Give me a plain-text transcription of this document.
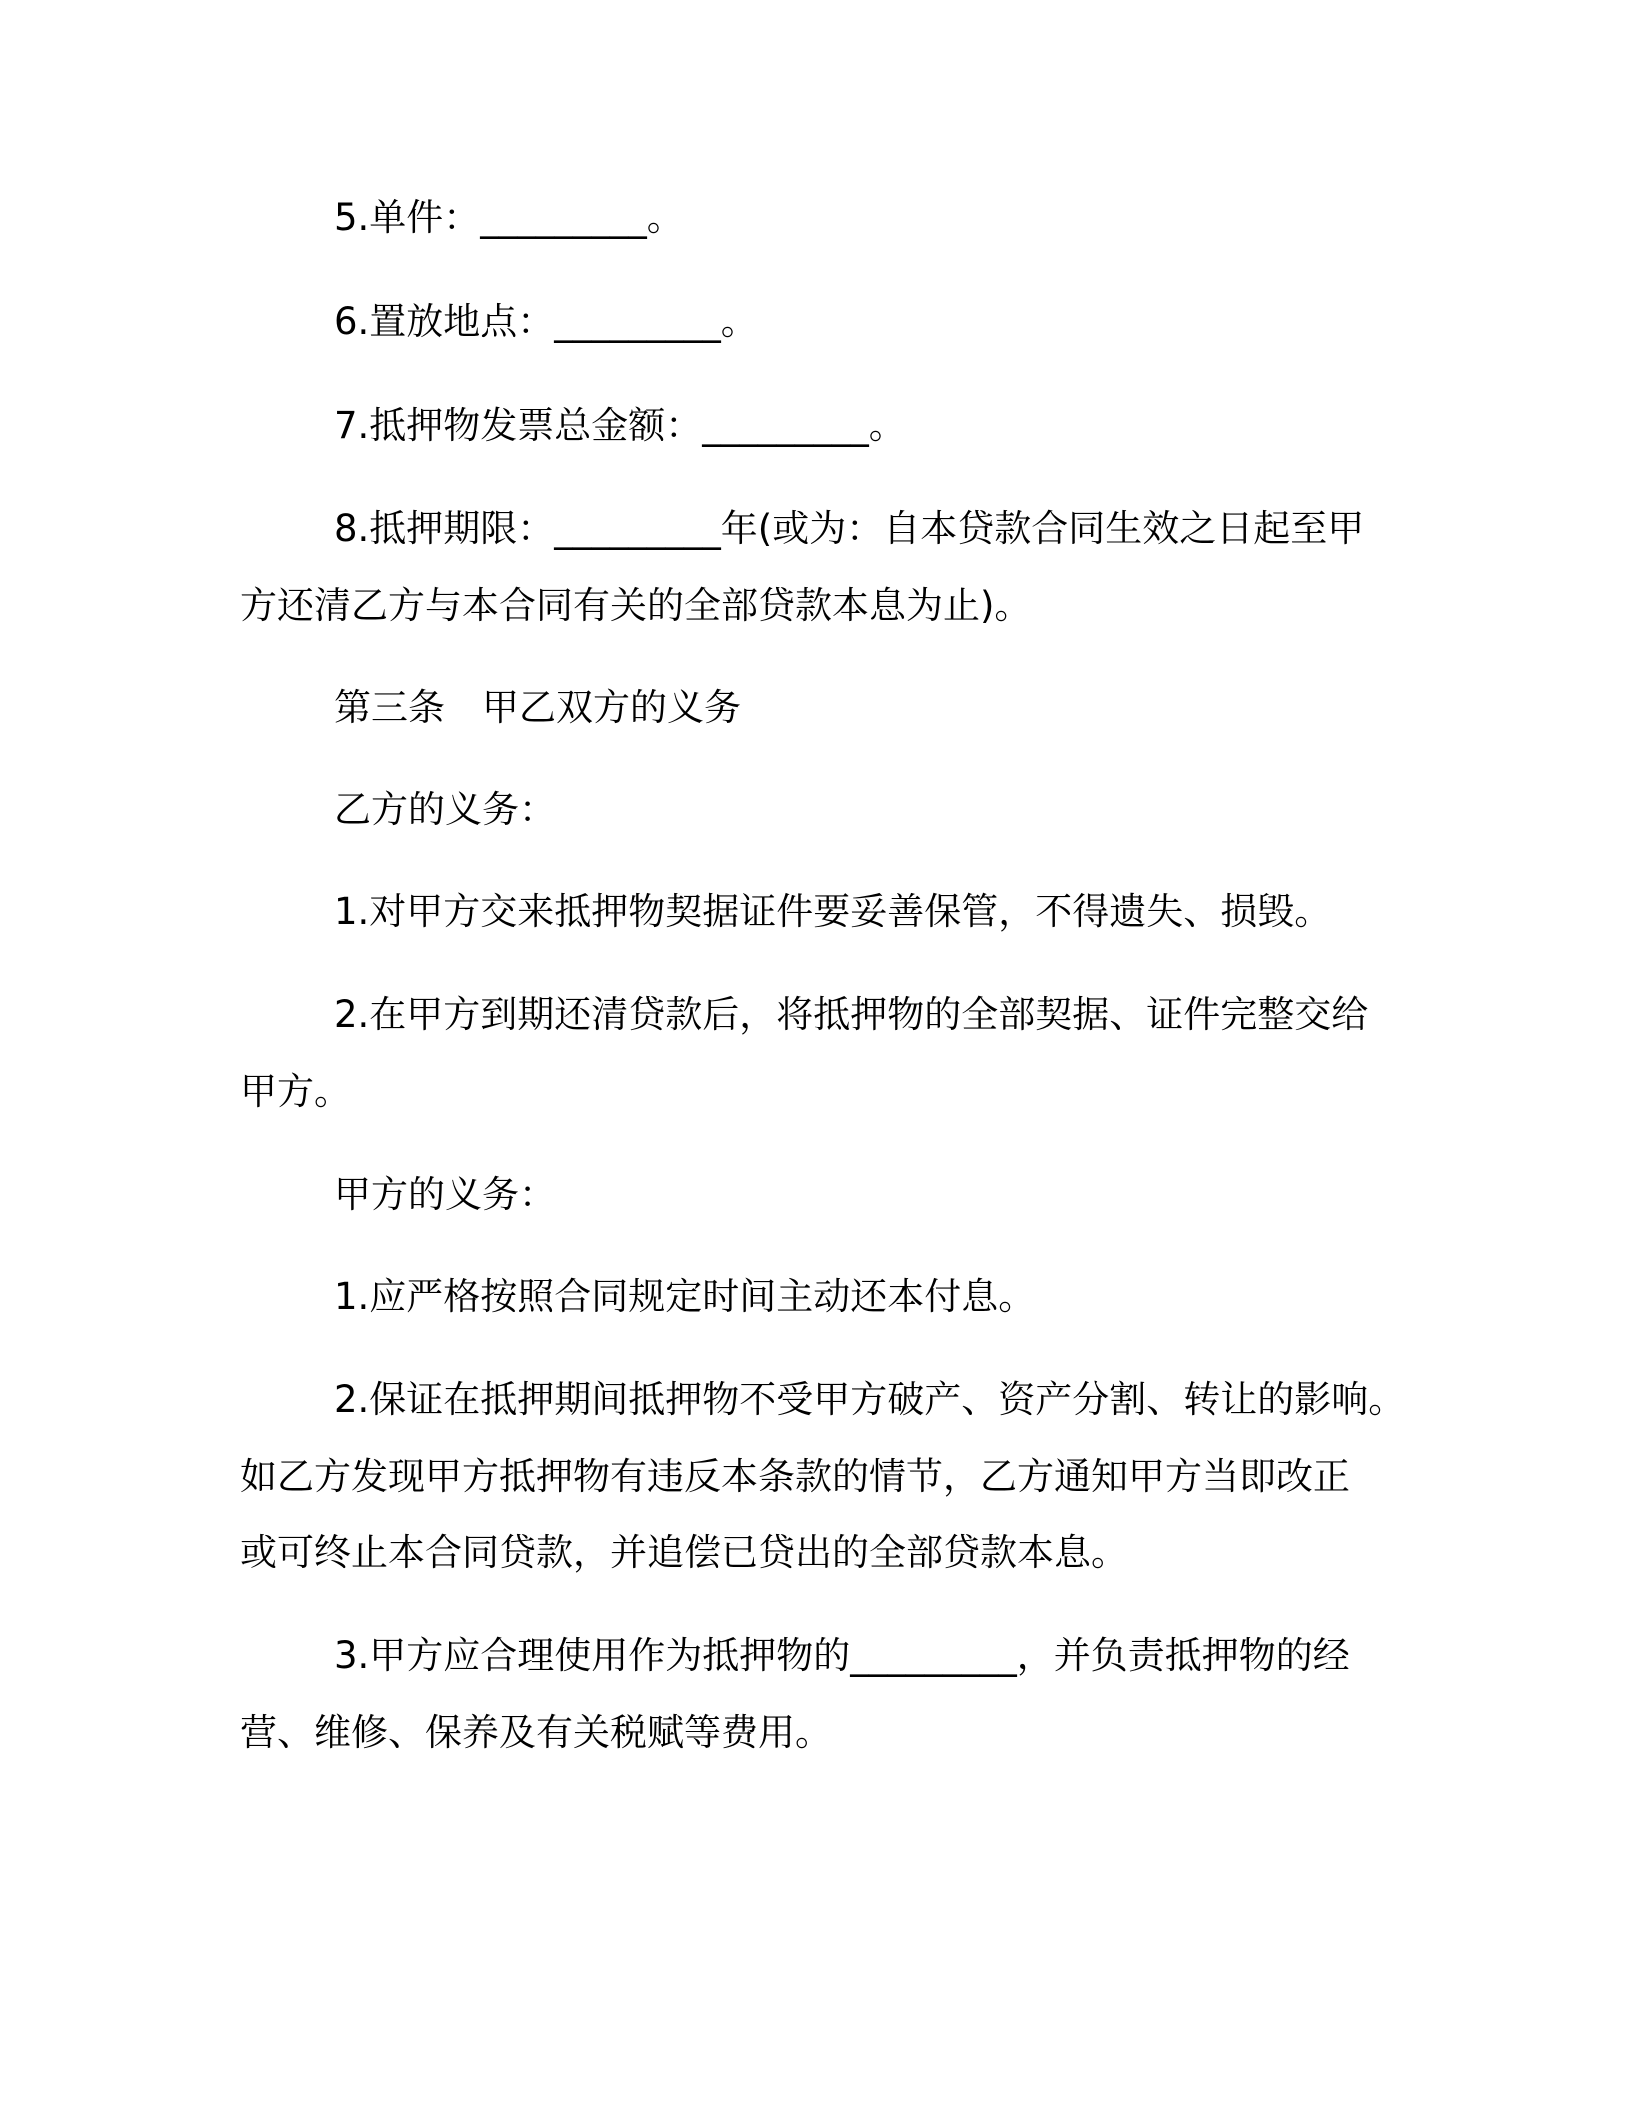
5.单件：_________。
6.置放地点：_________。
7.抵押物发票总金额：_________。
8.抵押期限：_________年(或为：自本贷款合同生效之日起至甲
方还清乙方与本合同有关的全部贷款本息为止)。
第三条　甲乙双方的义务
乙方的义务：
1.对甲方交来抵押物契据证件要妥善保管，不得遗失、损毁。
2.在甲方到期还清贷款后，将抵押物的全部契据、证件完整交给
甲方。
甲方的义务：
1.应严格按照合同规定时间主动还本付息。
2.保证在抵押期间抵押物不受甲方破产、资产分割、转让的影响。
如乙方发现甲方抵押物有违反本条款的情节，乙方通知甲方当即改正
或可终止本合同贷款，并追偿已贷出的全部贷款本息。
3.甲方应合理使用作为抵押物的_________，并负责抵押物的经
营、维修、保养及有关税赋等费用。
